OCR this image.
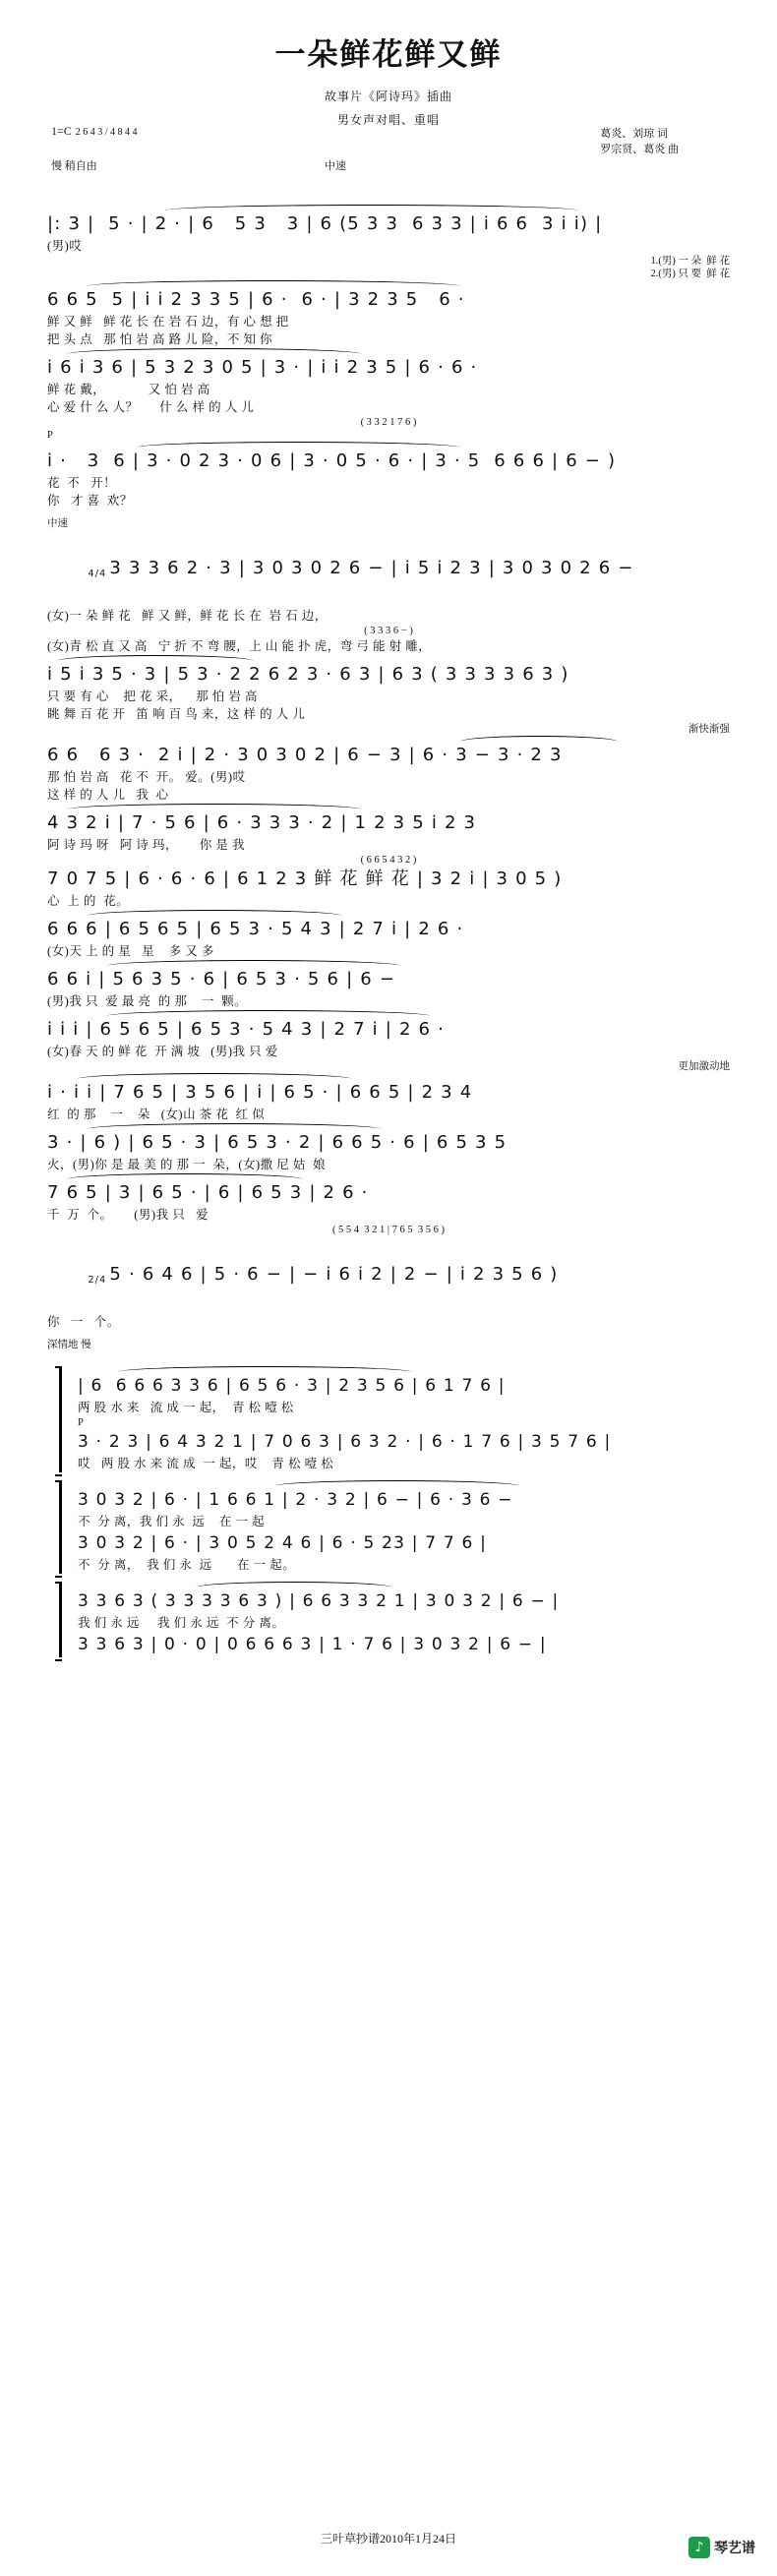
一朵鲜花鲜又鲜
故事片《阿诗玛》插曲
男女声对唱、重唱
葛炎、刘琼 词
罗宗贤、葛炎 曲
1=C 2 6 4 3 / 4 8 4 4
慢 稍自由	中速
|: 3 |  5 · | 2 · | 6   5 3   3 | 6 (5 3 3  6 3 3 | i 6 6  3 i i) |
(男)哎
1.(男) 一 朵  鲜 花
2.(男) 只 要  鲜 花
6 6 5  5 | i i 2 3 3 5 | 6 ·  6 · | 3 2 3 5   6 ·
鲜 又 鲜   鲜 花 长 在 岩 石 边，有 心 想 把
把 头 点   那 怕 岩 高 路 儿 险，不 知 你
i 6 i 3 6 | 5 3 2 3 0 5 | 3 · | i i 2 3 5 | 6 · 6 ·
鲜 花 戴，            又 怕 岩 高
心 爱 什 么 人？      什 么 样 的 人 儿
( 3 3 2 1 7 6 )
P
i ·   3  6 | 3 · 0 2 3 · 0 6 | 3 · 0 5 · 6 · | 3 · 5  6 6 6 | 6 − )
花  不   开！
你   才 喜  欢？
中速

4/4 3 3 3 6 2 · 3 | 3 0 3 0 2 6 − | i 5 i 2 3 | 3 0 3 0 2 6 −

(女)一 朵 鲜 花   鲜 又 鲜，鲜 花 长 在  岩 石 边，
( 3 3 3 6 − )
(女)青 松 直 又 高   宁 折 不 弯 腰，上 山 能 扑 虎，弯 弓 能 射 雕，
i 5 i 3 5 · 3 | 5 3 · 2 2 6 2 3 · 6 3 | 6 3 ( 3 3 3 3 6 3 )
只 要 有 心    把 花 采，    那 怕 岩 高
眺 舞 百 花 开   笛 响 百 鸟 来，这 样 的 人 儿
渐快渐强
6 6   6 3 ·  2 i | 2 · 3 0 3 0 2 | 6 − 3 | 6 · 3 − 3 · 2 3
那 怕 岩 高   花 不  开。 爱。(男)哎
这 样 的 人 儿   我  心
4 3 2 i | 7 · 5 6 | 6 · 3 3 3 · 2 | 1 2 3 5 i 2 3
阿 诗 玛 呀   阿 诗 玛，      你 是 我
( 6 6 5 4 3 2 )
7 0 7 5 | 6 · 6 · 6 | 6 1 2 3 鲜 花 鲜 花 | 3 2 i | 3 0 5 )
心  上 的  花。
6 6 6 | 6 5 6 5 | 6 5 3 · 5 4 3 | 2 7 i | 2 6 ·
(女)天 上 的 星   星    多 又 多
6 6 i | 5 6 3 5 · 6 | 6 5 3 · 5 6 | 6 −
(男)我 只  爱 最 亮  的 那    一  颗。
i i i | 6 5 6 5 | 6 5 3 · 5 4 3 | 2 7 i | 2 6 ·
(女)春 天 的 鲜 花  开 满 坡   (男)我 只 爱
更加激动地
i · i i | 7 6 5 | 3 5 6 | i | 6 5 · | 6 6 5 | 2 3 4
红  的 那    一    朵   (女)山 茶 花  红 似
3 · | 6 ) | 6 5 · 3 | 6 5 3 · 2 | 6 6 5 · 6 | 6 5 3 5
火，(男)你 是 最 美 的 那 一  朵，(女)撒 尼 姑  娘
7 6 5 | 3 | 6 5 · | 6 | 6 5 3 | 2 6 ·
千  万  个。      (男)我 只   爱
( 5 5 4  3 2 1 | 7 6 5  3 5 6 )

2/4 5 · 6 4 6 | 5 · 6 − | − i 6 i 2 | 2 − | i 2 3 5 6 )

你   一   个。
深情地 慢
| 6  6 6 6 3 3 6 | 6 5 6 · 3 | 2 3 5 6 | 6 1 7 6 |
两 股 水 来   流 成 一 起，  青 松 噎 松
P
3 · 2 3 | 6 4 3 2 1 | 7 0 6 3 | 6 3 2 · | 6 · 1 7 6 | 3 5 7 6 |
哎   两 股 水 来 流 成  一 起，哎    青 松 噎 松
3 0 3 2 | 6 · | 1 6 6 1 | 2 · 3 2 | 6 − | 6 · 3 6 −
不  分 离，我 们 永  远    在 一 起
3 0 3 2 | 6 · | 3 0 5 2 4 6 | 6 · 5 23 | 7 7 6 |
不  分 离，  我 们 永  远       在 一 起。
3 3 6 3 ( 3 3 3 3 6 3 ) | 6 6 3 3 2 1 | 3 0 3 2 | 6 − |
我 们 永 远     我 们 永 远  不 分 离。
3 3 6 3 | 0 · 0 | 0 6 6 6 3 | 1 · 7 6 | 3 0 3 2 | 6 − |
三叶草抄谱2010年1月24日
♪ 琴艺谱
